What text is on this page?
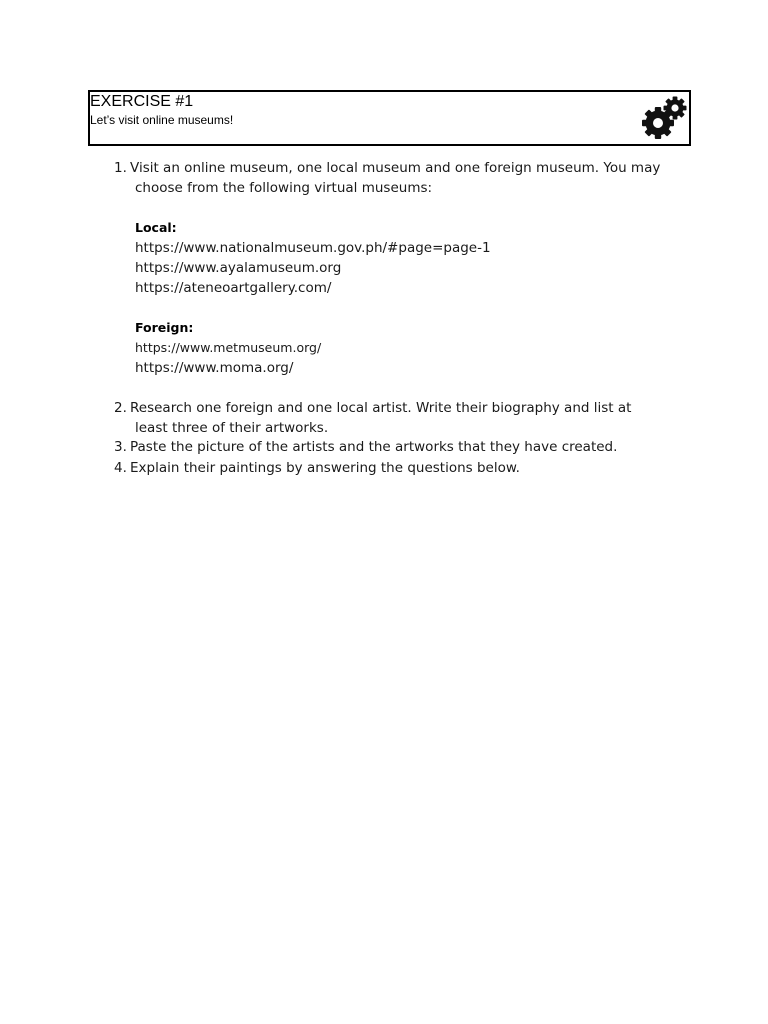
EXERCISE #1
Let’s visit online museums!
1. Visit an online museum, one local museum and one foreign museum. You may
choose from the following virtual museums:
Local:
https://www.nationalmuseum.gov.ph/#page=page-1
https://www.ayalamuseum.org
https://ateneoartgallery.com/
Foreign:
https://www.metmuseum.org/
https://www.moma.org/
2. Research one foreign and one local artist. Write their biography and list at
least three of their artworks.
3. Paste the picture of the artists and the artworks that they have created.
4. Explain their paintings by answering the questions below.
